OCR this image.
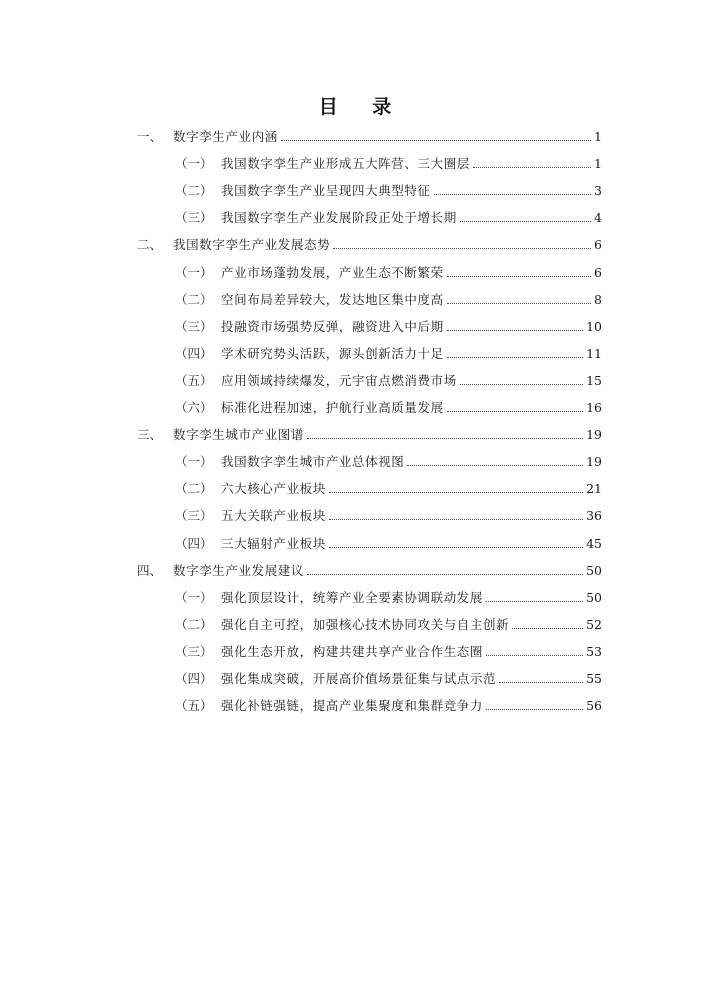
目 录
一、 数字孪生产业内涵	1
（一） 我国数字孪生产业形成五大阵营、三大圈层	1
（二） 我国数字孪生产业呈现四大典型特征	3
（三） 我国数字孪生产业发展阶段正处于增长期	4
二、 我国数字孪生产业发展态势	6
（一） 产业市场蓬勃发展，产业生态不断繁荣	6
（二） 空间布局差异较大，发达地区集中度高	8
（三） 投融资市场强势反弹，融资进入中后期	10
（四） 学术研究势头活跃，源头创新活力十足	11
（五） 应用领域持续爆发，元宇宙点燃消费市场	15
（六） 标准化进程加速，护航行业高质量发展	16
三、 数字孪生城市产业图谱	19
（一） 我国数字孪生城市产业总体视图	19
（二） 六大核心产业板块	21
（三） 五大关联产业板块	36
（四） 三大辐射产业板块	45
四、 数字孪生产业发展建议	50
（一） 强化顶层设计，统筹产业全要素协调联动发展	50
（二） 强化自主可控，加强核心技术协同攻关与自主创新	52
（三） 强化生态开放，构建共建共享产业合作生态圈	53
（四） 强化集成突破，开展高价值场景征集与试点示范	55
（五） 强化补链强链，提高产业集聚度和集群竞争力	56
